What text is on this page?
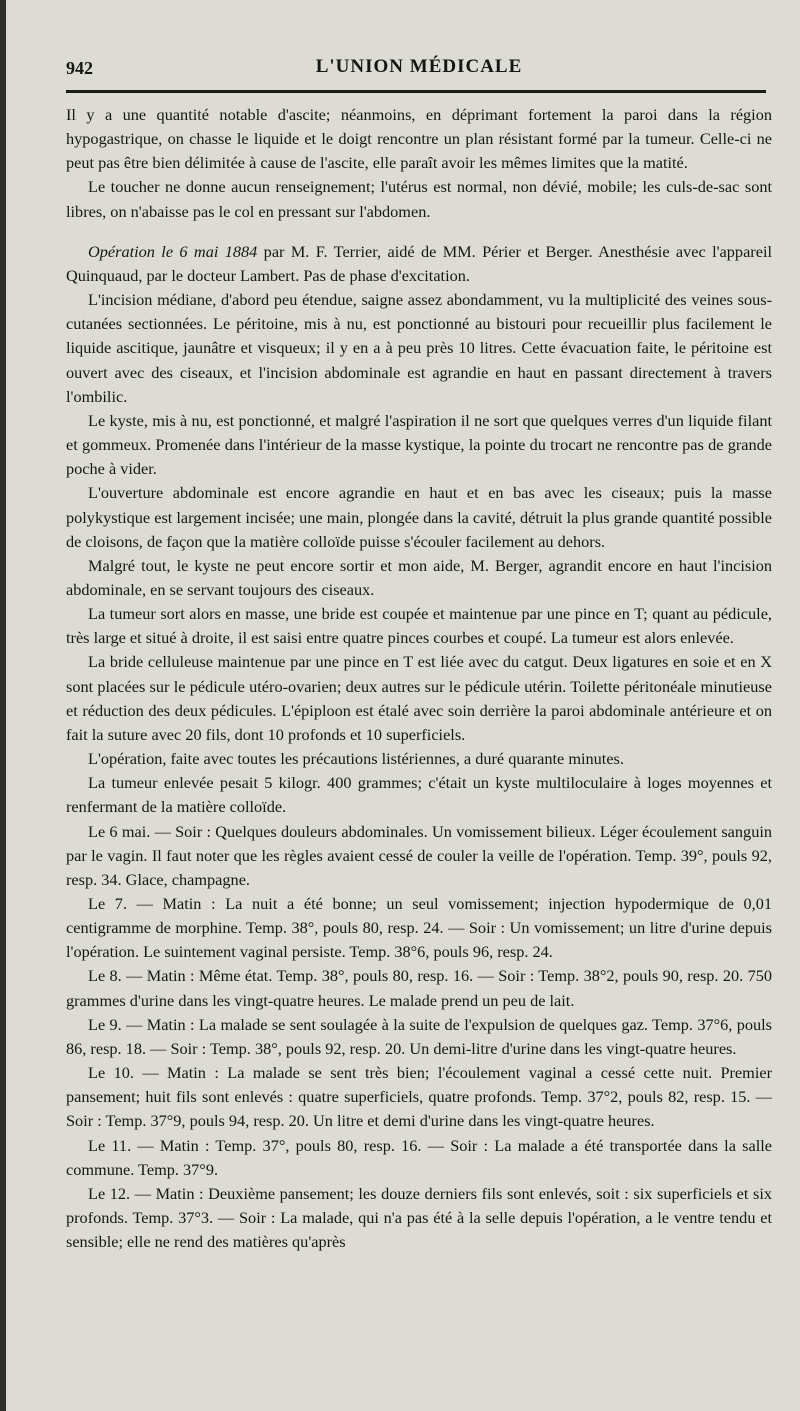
942	L'UNION MÉDICALE

Il y a une quantité notable d'ascite; néanmoins, en déprimant fortement la paroi dans la région hypogastrique, on chasse le liquide et le doigt rencontre un plan résistant formé par la tumeur. Celle-ci ne peut pas être bien délimitée à cause de l'ascite, elle paraît avoir les mêmes limites que la matité.

Le toucher ne donne aucun renseignement; l'utérus est normal, non dévié, mobile; les culs-de-sac sont libres, on n'abaisse pas le col en pressant sur l'abdomen.

Opération le 6 mai 1884 par M. F. Terrier, aidé de MM. Périer et Berger. Anesthésie avec l'appareil Quinquaud, par le docteur Lambert. Pas de phase d'excitation.

L'incision médiane, d'abord peu étendue, saigne assez abondamment, vu la multiplicité des veines sous-cutanées sectionnées. Le péritoine, mis à nu, est ponctionné au bistouri pour recueillir plus facilement le liquide ascitique, jaunâtre et visqueux; il y en a à peu près 10 litres. Cette évacuation faite, le péritoine est ouvert avec des ciseaux, et l'incision abdominale est agrandie en haut en passant directement à travers l'ombilic.

Le kyste, mis à nu, est ponctionné, et malgré l'aspiration il ne sort que quelques verres d'un liquide filant et gommeux. Promenée dans l'intérieur de la masse kystique, la pointe du trocart ne rencontre pas de grande poche à vider.

L'ouverture abdominale est encore agrandie en haut et en bas avec les ciseaux; puis la masse polykystique est largement incisée; une main, plongée dans la cavité, détruit la plus grande quantité possible de cloisons, de façon que la matière colloïde puisse s'écouler facilement au dehors.

Malgré tout, le kyste ne peut encore sortir et mon aide, M. Berger, agrandit encore en haut l'incision abdominale, en se servant toujours des ciseaux.

La tumeur sort alors en masse, une bride est coupée et maintenue par une pince en T; quant au pédicule, très large et situé à droite, il est saisi entre quatre pinces courbes et coupé. La tumeur est alors enlevée.

La bride celluleuse maintenue par une pince en T est liée avec du catgut. Deux ligatures en soie et en X sont placées sur le pédicule utéro-ovarien; deux autres sur le pédicule utérin. Toilette péritonéale minutieuse et réduction des deux pédicules. L'épiploon est étalé avec soin derrière la paroi abdominale antérieure et on fait la suture avec 20 fils, dont 10 profonds et 10 superficiels.

L'opération, faite avec toutes les précautions listériennes, a duré quarante minutes.

La tumeur enlevée pesait 5 kilogr. 400 grammes; c'était un kyste multiloculaire à loges moyennes et renfermant de la matière colloïde.

Le 6 mai. — Soir : Quelques douleurs abdominales. Un vomissement bilieux. Léger écoulement sanguin par le vagin. Il faut noter que les règles avaient cessé de couler la veille de l'opération. Temp. 39°, pouls 92, resp. 34. Glace, champagne.

Le 7. — Matin : La nuit a été bonne; un seul vomissement; injection hypodermique de 0,01 centigramme de morphine. Temp. 38°, pouls 80, resp. 24. — Soir : Un vomissement; un litre d'urine depuis l'opération. Le suintement vaginal persiste. Temp. 38°6, pouls 96, resp. 24.

Le 8. — Matin : Même état. Temp. 38°, pouls 80, resp. 16. — Soir : Temp. 38°2, pouls 90, resp. 20. 750 grammes d'urine dans les vingt-quatre heures. Le malade prend un peu de lait.

Le 9. — Matin : La malade se sent soulagée à la suite de l'expulsion de quelques gaz. Temp. 37°6, pouls 86, resp. 18. — Soir : Temp. 38°, pouls 92, resp. 20. Un demi-litre d'urine dans les vingt-quatre heures.

Le 10. — Matin : La malade se sent très bien; l'écoulement vaginal a cessé cette nuit. Premier pansement; huit fils sont enlevés : quatre superficiels, quatre profonds. Temp. 37°2, pouls 82, resp. 15. — Soir : Temp. 37°9, pouls 94, resp. 20. Un litre et demi d'urine dans les vingt-quatre heures.

Le 11. — Matin : Temp. 37°, pouls 80, resp. 16. — Soir : La malade a été transportée dans la salle commune. Temp. 37°9.

Le 12. — Matin : Deuxième pansement; les douze derniers fils sont enlevés, soit : six superficiels et six profonds. Temp. 37°3. — Soir : La malade, qui n'a pas été à la selle depuis l'opération, a le ventre tendu et sensible; elle ne rend des matières qu'après
